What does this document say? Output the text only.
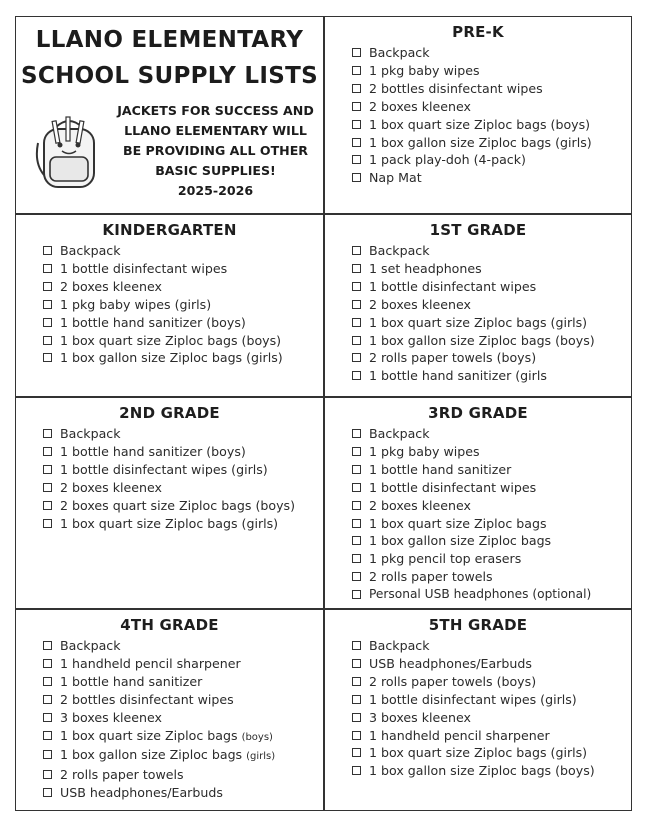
LLANO ELEMENTARY
SCHOOL SUPPLY LISTS
JACKETS FOR SUCCESS AND
LLANO ELEMENTARY WILL
BE PROVIDING ALL OTHER
BASIC SUPPLIES!
2025-2026
PRE-K
Backpack
1 pkg baby wipes
2 bottles disinfectant wipes
2 boxes kleenex
1 box quart size Ziploc bags (boys)
1 box gallon size Ziploc bags (girls)
1 pack play-doh (4-pack)
Nap Mat
KINDERGARTEN
Backpack
1 bottle disinfectant wipes
2 boxes kleenex
1 pkg baby wipes (girls)
1 bottle hand sanitizer (boys)
1 box quart size Ziploc bags (boys)
1 box gallon size Ziploc bags (girls)
1ST GRADE
Backpack
1 set headphones
1 bottle disinfectant wipes
2 boxes kleenex
1 box quart size Ziploc bags (girls)
1 box gallon size Ziploc bags (boys)
2 rolls paper towels (boys)
1 bottle hand sanitizer (girls
2ND GRADE
Backpack
1 bottle hand sanitizer (boys)
1 bottle disinfectant wipes (girls)
2 boxes kleenex
2 boxes quart size Ziploc bags (boys)
1 box quart size Ziploc bags (girls)
3RD GRADE
Backpack
1 pkg baby wipes
1 bottle hand sanitizer
1 bottle disinfectant wipes
2 boxes kleenex
1 box quart size Ziploc bags
1 box gallon size Ziploc bags
1 pkg pencil top erasers
2 rolls paper towels
Personal USB headphones (optional)
4TH GRADE
Backpack
1 handheld pencil sharpener
1 bottle hand sanitizer
2 bottles disinfectant wipes
3 boxes kleenex
1 box quart size Ziploc bags (boys)
1 box gallon size Ziploc bags (girls)
2 rolls paper towels
USB headphones/Earbuds
5TH GRADE
Backpack
USB headphones/Earbuds
2 rolls paper towels (boys)
1 bottle disinfectant wipes (girls)
3 boxes kleenex
1 handheld pencil sharpener
1 box quart size Ziploc bags (girls)
1 box gallon size Ziploc bags (boys)
